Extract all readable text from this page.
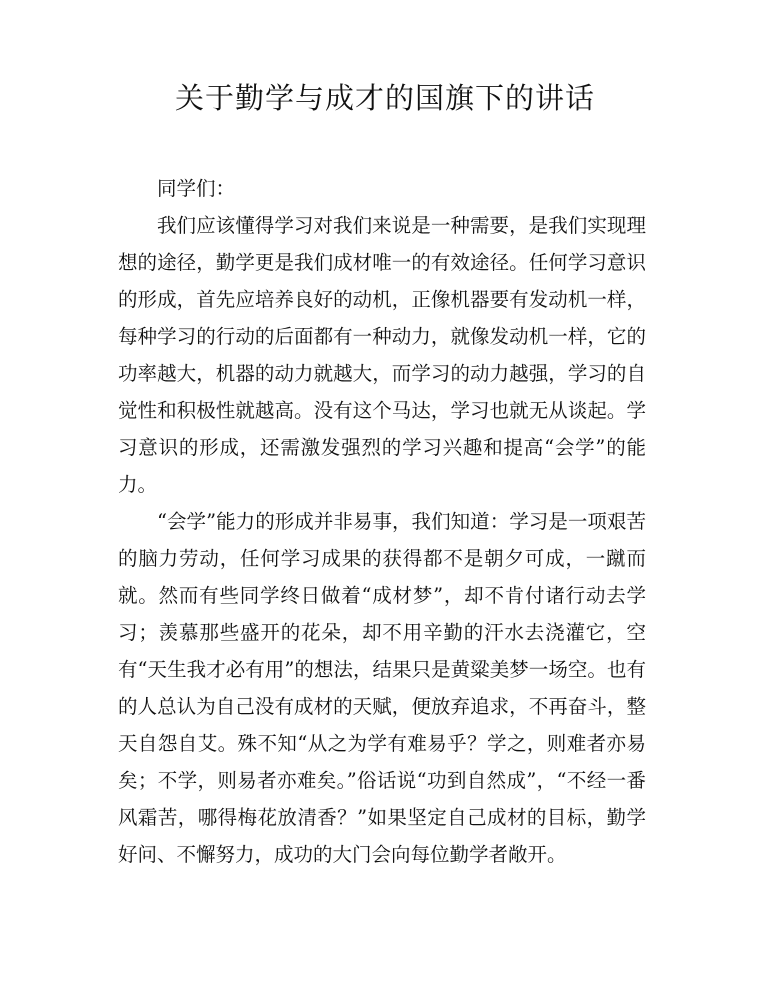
关于勤学与成才的国旗下的讲话

同学们：

我们应该懂得学习对我们来说是一种需要，是我们实现理想的途径，勤学更是我们成材唯一的有效途径。任何学习意识的形成，首先应培养良好的动机，正像机器要有发动机一样，每种学习的行动的后面都有一种动力，就像发动机一样，它的功率越大，机器的动力就越大，而学习的动力越强，学习的自觉性和积极性就越高。没有这个马达，学习也就无从谈起。学习意识的形成，还需激发强烈的学习兴趣和提高“会学”的能力。

“会学”能力的形成并非易事，我们知道：学习是一项艰苦的脑力劳动，任何学习成果的获得都不是朝夕可成，一蹴而就。然而有些同学终日做着“成材梦”，却不肯付诸行动去学习；羡慕那些盛开的花朵，却不用辛勤的汗水去浇灌它，空有“天生我才必有用”的想法，结果只是黄粱美梦一场空。也有的人总认为自己没有成材的天赋，便放弃追求，不再奋斗，整天自怨自艾。殊不知“从之为学有难易乎？学之，则难者亦易矣；不学，则易者亦难矣。”俗话说“功到自然成”，“不经一番风霜苦，哪得梅花放清香？”如果坚定自己成材的目标，勤学好问、不懈努力，成功的大门会向每位勤学者敞开。
